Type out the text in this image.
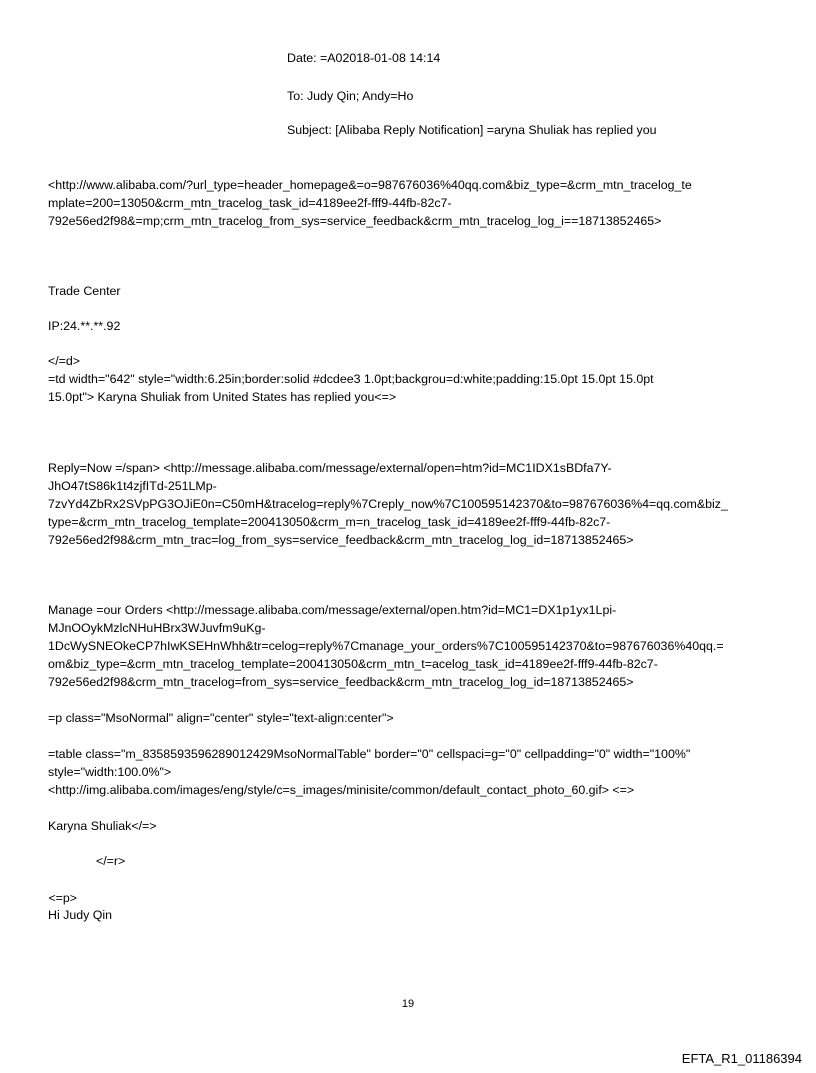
Date: =A02018-01-08 14:14

To: Judy Qin; Andy=Ho

Subject: [Alibaba Reply Notification] =aryna Shuliak has replied you

<http://www.alibaba.com/?url_type=header_homepage&=o=987676036%40qq.com&biz_type=&crm_mtn_tracelog_te

mplate=200=13050&crm_mtn_tracelog_task_id=4189ee2f-fff9-44fb-82c7-

792e56ed2f98&=mp;crm_mtn_tracelog_from_sys=service_feedback&crm_mtn_tracelog_log_i==18713852465>

Trade Center

IP:24.**.**.92

</=d>

=td width="642" style="width:6.25in;border:solid #dcdee3 1.0pt;backgrou=d:white;padding:15.0pt 15.0pt 15.0pt

15.0pt"> Karyna Shuliak from United States has replied you<=>

Reply=Now =/span> <http://message.alibaba.com/message/external/open=htm?id=MC1IDX1sBDfa7Y-

JhO47tS86k1t4zjfITd-251LMp-

7zvYd4ZbRx2SVpPG3OJiE0n=C50mH&tracelog=reply%7Creply_now%7C100595142370&to=987676036%4=qq.com&biz_

type=&crm_mtn_tracelog_template=200413050&crm_m=n_tracelog_task_id=4189ee2f-fff9-44fb-82c7-

792e56ed2f98&crm_mtn_trac=log_from_sys=service_feedback&crm_mtn_tracelog_log_id=18713852465>

Manage =our Orders <http://message.alibaba.com/message/external/open.htm?id=MC1=DX1p1yx1Lpi-

MJnOOykMzlcNHuHBrx3WJuvfm9uKg-

1DcWySNEOkeCP7hIwKSEHnWhh&tr=celog=reply%7Cmanage_your_orders%7C100595142370&to=987676036%40qq.=

om&biz_type=&crm_mtn_tracelog_template=200413050&crm_mtn_t=acelog_task_id=4189ee2f-fff9-44fb-82c7-

792e56ed2f98&crm_mtn_tracelog=from_sys=service_feedback&crm_mtn_tracelog_log_id=18713852465>

=p class="MsoNormal" align="center" style="text-align:center">

=table class="m_8358593596289012429MsoNormalTable" border="0" cellspaci=g="0" cellpadding="0" width="100%"

style="width:100.0%">

<http://img.alibaba.com/images/eng/style/c=s_images/minisite/common/default_contact_photo_60.gif> <=>

Karyna Shuliak</=>

</=r>

<=p>

Hi Judy Qin

19
EFTA_R1_01186394
